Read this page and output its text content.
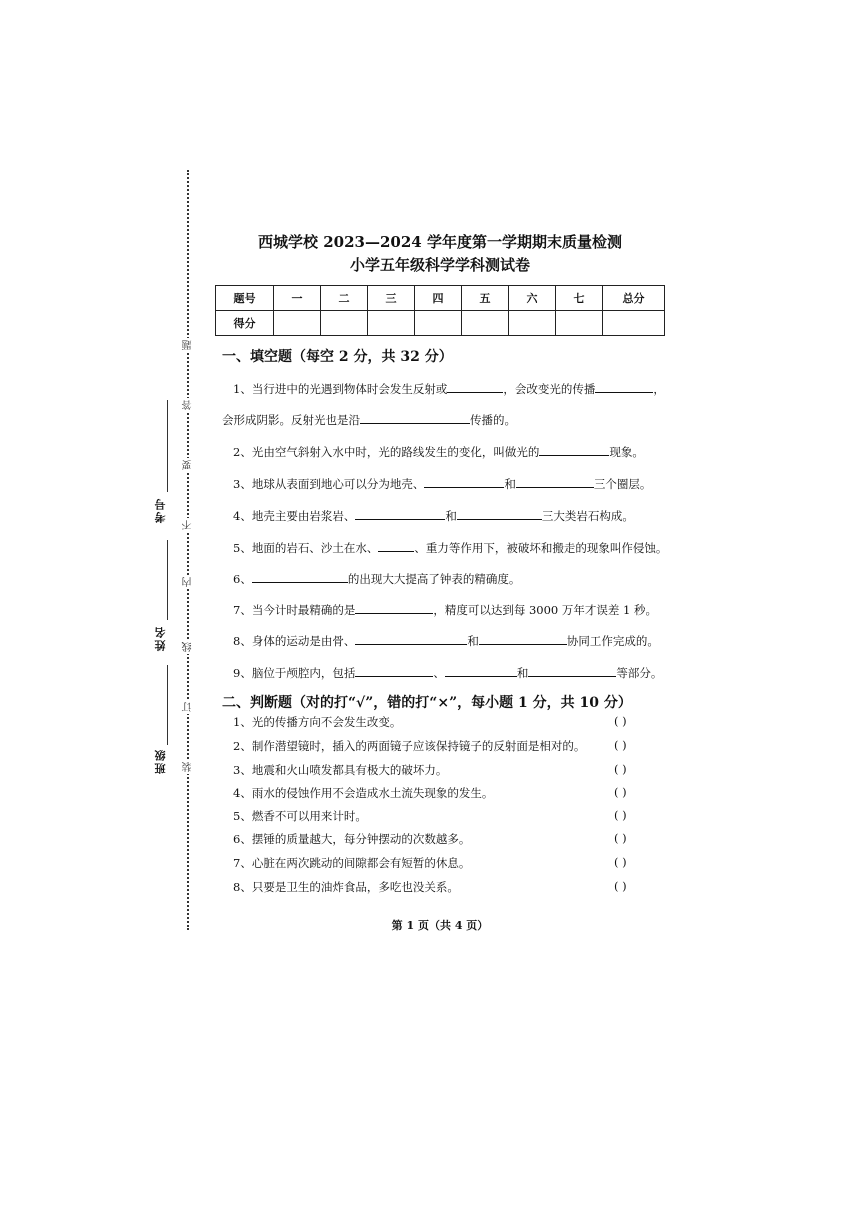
考号
姓名
班级
题
答
要
不
内
线
订
装
西城学校 2023—2024 学年度第一学期期末质量检测
小学五年级科学学科测试卷
题号	一	二	三	四	五	六	七	总分
得分								
一、填空题（每空 2 分，共 32 分）
1、当行进中的光遇到物体时会发生反射或	，会改变光的传播	，
会形成阴影。反射光也是沿	传播的。
2、光由空气斜射入水中时，光的路线发生的变化，叫做光的	现象。
3、地球从表面到地心可以分为地壳、	和	三个圈层。
4、地壳主要由岩浆岩、	和	三大类岩石构成。
5、地面的岩石、沙土在水、	、重力等作用下，被破坏和搬走的现象叫作侵蚀。
6、	的出现大大提高了钟表的精确度。
7、当今计时最精确的是	，精度可以达到每 3000 万年才误差 1 秒。
8、身体的运动是由骨、	和	协同工作完成的。
9、脑位于颅腔内，包括	、	和	等部分。
二、判断题（对的打“√”，错的打“×”，每小题 1 分，共 10 分）
1、光的传播方向不会发生改变。	( )
2、制作潜望镜时，插入的两面镜子应该保持镜子的反射面是相对的。 ( )
3、地震和火山喷发都具有极大的破坏力。	( )
4、雨水的侵蚀作用不会造成水土流失现象的发生。	( )
5、燃香不可以用来计时。	( )
6、摆锤的质量越大，每分钟摆动的次数越多。	( )
7、心脏在两次跳动的间隙都会有短暂的休息。	( )
8、只要是卫生的油炸食品，多吃也没关系。	( )
第 1 页（共 4 页）
